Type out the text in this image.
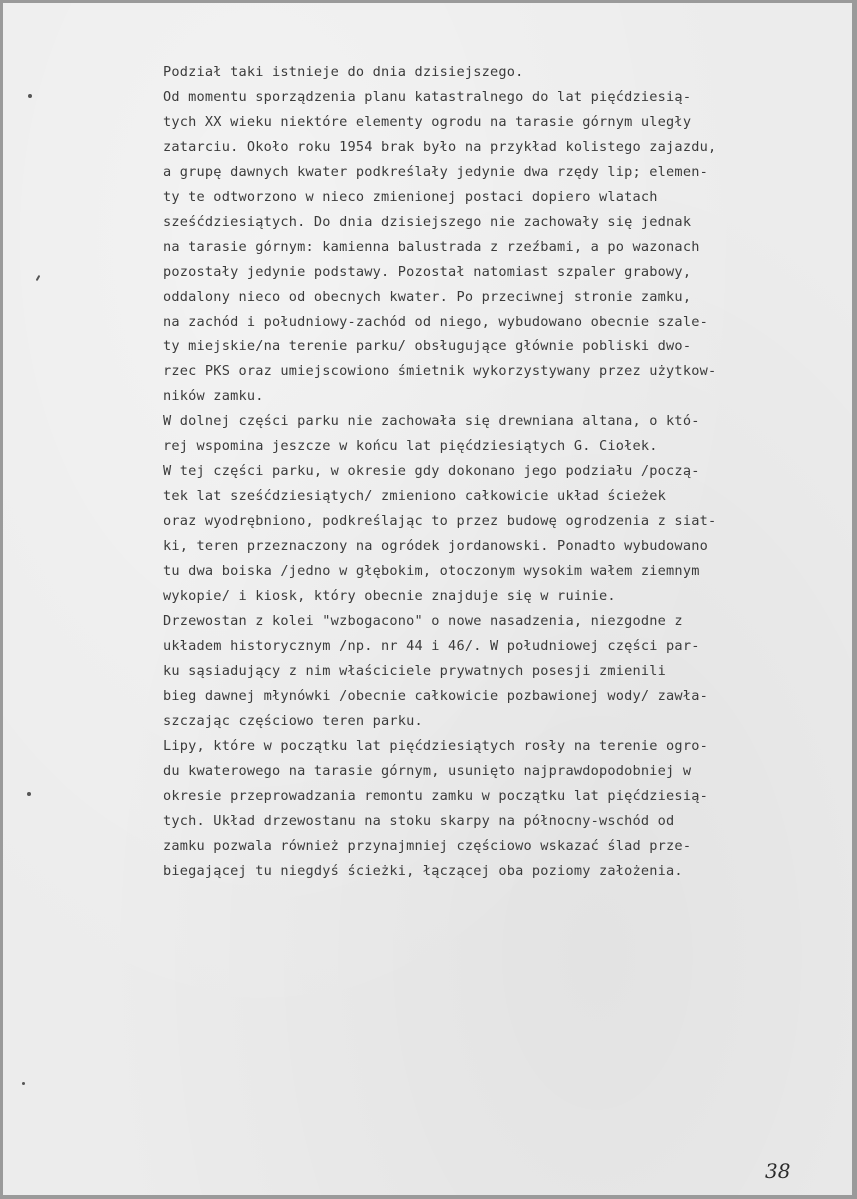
Podział taki istnieje do dnia dzisiejszego.
Od momentu sporządzenia planu katastralnego do lat pięćdziesią-
tych XX wieku niektóre elementy ogrodu na tarasie górnym uległy
zatarciu. Około roku 1954 brak było na przykład kolistego zajazdu,
a grupę dawnych kwater podkreślały jedynie dwa rzędy lip; elemen-
ty te odtworzono w nieco zmienionej postaci dopiero wlatach
sześćdziesiątych. Do dnia dzisiejszego nie zachowały się jednak
na tarasie górnym: kamienna balustrada z rzeźbami, a po wazonach
pozostały jedynie podstawy. Pozostał natomiast szpaler grabowy,
oddalony nieco od obecnych kwater. Po przeciwnej stronie zamku,
na zachód i południowy-zachód od niego, wybudowano obecnie szale-
ty miejskie/na terenie parku/ obsługujące głównie pobliski dwo-
rzec PKS oraz umiejscowiono śmietnik wykorzystywany przez użytkow-
ników zamku.
W dolnej części parku nie zachowała się drewniana altana, o któ-
rej wspomina jeszcze w końcu lat pięćdziesiątych G. Ciołek.
W tej części parku, w okresie gdy dokonano jego podziału /począ-
tek lat sześćdziesiątych/ zmieniono całkowicie układ ścieżek
oraz wyodrębniono, podkreślając to przez budowę ogrodzenia z siat-
ki, teren przeznaczony na ogródek jordanowski. Ponadto wybudowano
tu dwa boiska /jedno w głębokim, otoczonym wysokim wałem ziemnym
wykopie/ i kiosk, który obecnie znajduje się w ruinie.
Drzewostan z kolei "wzbogacono" o nowe nasadzenia, niezgodne z
układem historycznym /np. nr 44 i 46/. W południowej części par-
ku sąsiadujący z nim właściciele prywatnych posesji zmienili
bieg dawnej młynówki /obecnie całkowicie pozbawionej wody/ zawła-
szczając częściowo teren parku.
Lipy, które w początku lat pięćdziesiątych rosły na terenie ogro-
du kwaterowego na tarasie górnym, usunięto najprawdopodobniej w
okresie przeprowadzania remontu zamku w początku lat pięćdziesią-
tych. Układ drzewostanu na stoku skarpy na północny-wschód od
zamku pozwala również przynajmniej częściowo wskazać ślad prze-
biegającej tu niegdyś ścieżki, łączącej oba poziomy założenia.
38
